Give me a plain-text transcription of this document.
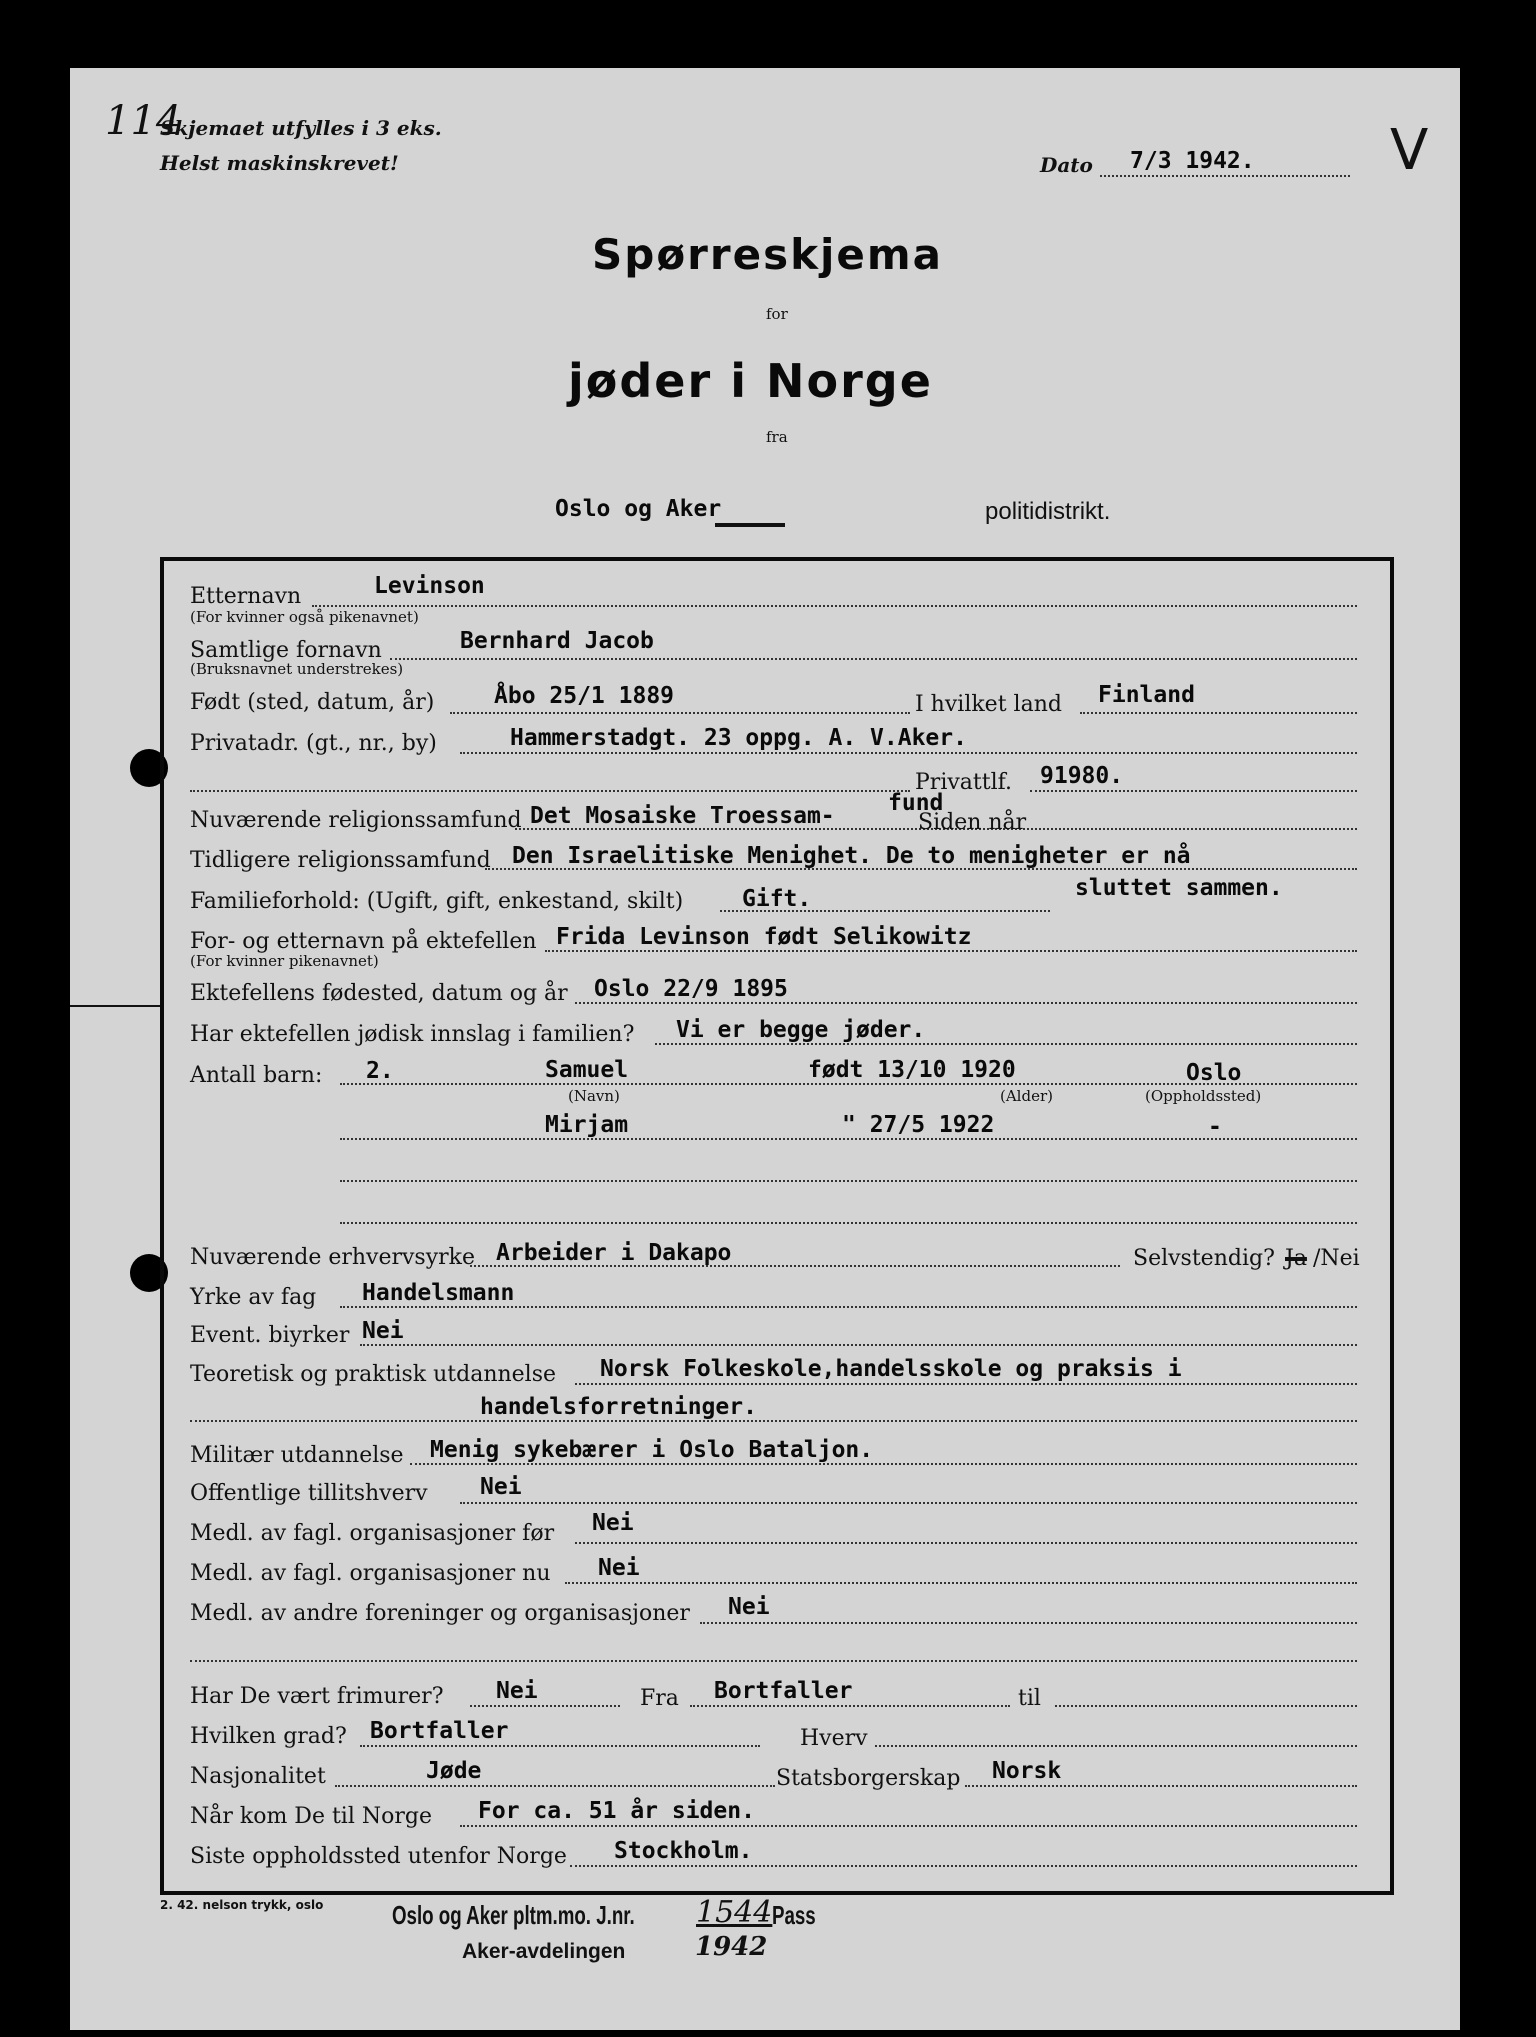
114
Skjemaet utfylles i 3 eks.
Helst maskinskrevet!	Dato 7/3 1942. V
Spørreskjema
for
jøder i Norge
fra
Oslo og Aker	politidistrikt.
Etternavn	Levinson
(For kvinner også pikenavnet)
Samtlige fornavn	Bernhard Jacob
(Bruksnavnet understrekes)
Født (sted, datum, år)	Åbo 25/1 1889	I hvilket land Finland
Privatadr. (gt., nr., by)	Hammerstadgt. 23 oppg. A. V.Aker.
Privattlf. 91980.
Nuværende religionssamfund Det Mosaiske Troessam- fund
Siden når
Tidligere religionssamfund Den Israelitiske Menighet. De to menigheter er nå
sluttet sammen.
Familieforhold: (Ugift, gift, enkestand, skilt)	Gift.
For- og etternavn på ektefellen Frida Levinson født Selikowitz
(For kvinner pikenavnet)
Ektefellens fødested, datum og år Oslo 22/9 1895
Har ektefellen jødisk innslag i familien? Vi er begge jøder.
Antall barn: 2.	Samuel	født 13/10 1920	Oslo
(Navn)	(Alder)	(Oppholdssted)
Mirjam	" 27/5 1922	-
Nuværende erhvervsyrke Arbeider i Dakapo	Selvstendig? Ja /Nei
Yrke av fag Handelsmann
Event. biyrker Nei
Teoretisk og praktisk utdannelse Norsk Folkeskole,handelsskole og praksis i
handelsforretninger.
Militær utdannelse Menig sykebærer i Oslo Bataljon.
Offentlige tillitshverv Nei
Medl. av fagl. organisasjoner før Nei
Medl. av fagl. organisasjoner nu Nei
Medl. av andre foreninger og organisasjoner Nei
Har De vært frimurer? Nei	Fra Bortfaller	til
Hvilken grad? Bortfaller	Hverv
Nasjonalitet	Jøde	Statsborgerskap Norsk
Når kom De til Norge For ca. 51 år siden.
Siste oppholdssted utenfor Norge Stockholm.
2. 42. nelson trykk, oslo	Oslo og Aker pltm.mo. J.nr. 1544 Pass
Aker-avdelingen	1942
